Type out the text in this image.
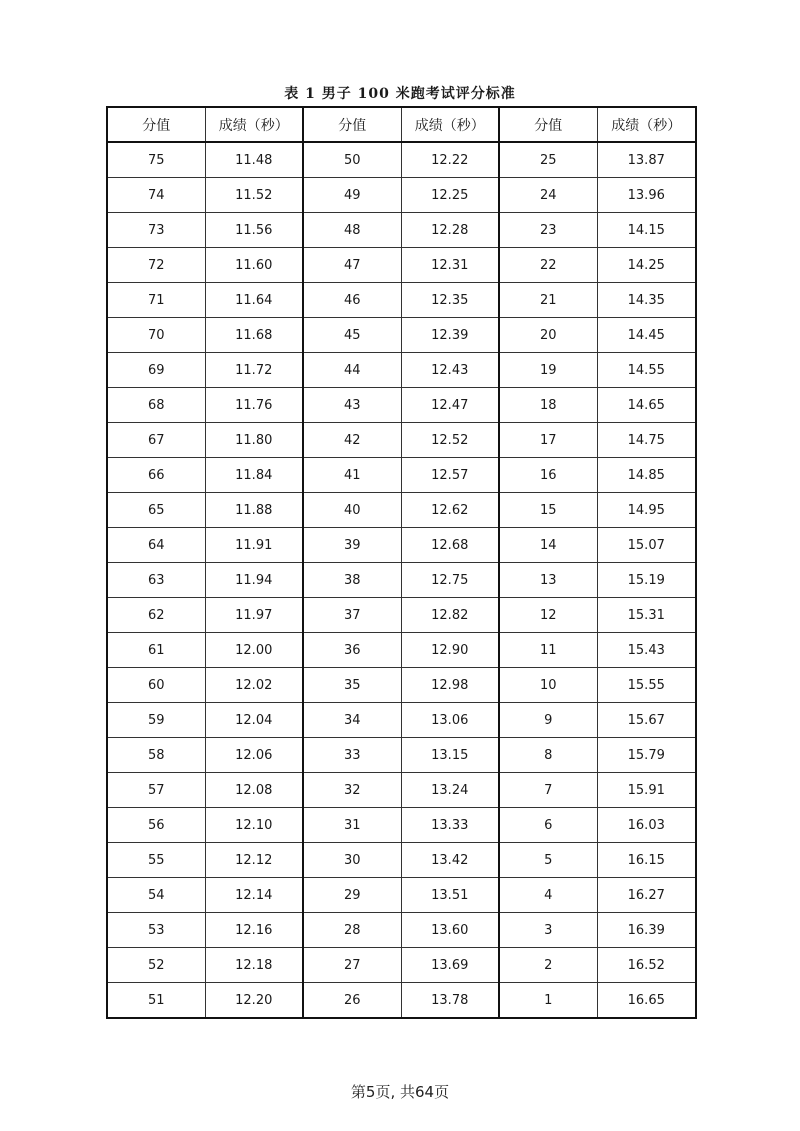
表 1 男子 100 米跑考试评分标准
分值	成绩（秒）	分值	成绩（秒）	分值	成绩（秒）
75	11.48	50	12.22	25	13.87
74	11.52	49	12.25	24	13.96
73	11.56	48	12.28	23	14.15
72	11.60	47	12.31	22	14.25
71	11.64	46	12.35	21	14.35
70	11.68	45	12.39	20	14.45
69	11.72	44	12.43	19	14.55
68	11.76	43	12.47	18	14.65
67	11.80	42	12.52	17	14.75
66	11.84	41	12.57	16	14.85
65	11.88	40	12.62	15	14.95
64	11.91	39	12.68	14	15.07
63	11.94	38	12.75	13	15.19
62	11.97	37	12.82	12	15.31
61	12.00	36	12.90	11	15.43
60	12.02	35	12.98	10	15.55
59	12.04	34	13.06	9	15.67
58	12.06	33	13.15	8	15.79
57	12.08	32	13.24	7	15.91
56	12.10	31	13.33	6	16.03
55	12.12	30	13.42	5	16.15
54	12.14	29	13.51	4	16.27
53	12.16	28	13.60	3	16.39
52	12.18	27	13.69	2	16.52
51	12.20	26	13.78	1	16.65
第5页, 共64页
